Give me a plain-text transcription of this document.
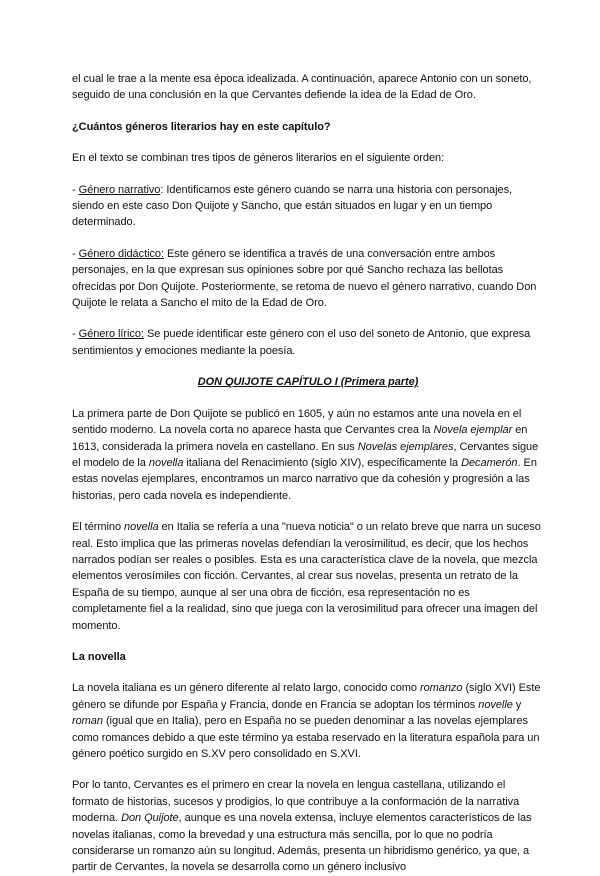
el cual le trae a la mente esa época idealizada. A continuación, aparece Antonio con un soneto, seguido de una conclusión en la que Cervantes defiende la idea de la Edad de Oro.

¿Cuántos géneros literarios hay en este capítulo?

En el texto se combinan tres tipos de géneros literarios en el siguiente orden:

- Género narrativo: Identificamos este género cuando se narra una historia con personajes, siendo en este caso Don Quijote y Sancho, que están situados en lugar y en un tiempo determinado.

- Género didáctico: Este género se identifica a través de una conversación entre ambos personajes, en la que expresan sus opiniones sobre por qué Sancho rechaza las bellotas ofrecidas por Don Quijote. Posteriormente, se retoma de nuevo el género narrativo, cuando Don Quijote le relata a Sancho el mito de la Edad de Oro.

- Género lírico: Se puede identificar este género con el uso del soneto de Antonio, que expresa sentimientos y emociones mediante la poesía.

DON QUIJOTE CAPÍTULO I (Primera parte)

La primera parte de Don Quijote se publicó en 1605, y aún no estamos ante una novela en el sentido moderno. La novela corta no aparece hasta que Cervantes crea la Novela ejemplar en 1613, considerada la primera novela en castellano. En sus Novelas ejemplares, Cervantes sigue el modelo de la novella italiana del Renacimiento (siglo XIV), específicamente la Decamerón. En estas novelas ejemplares, encontramos un marco narrativo que da cohesión y progresión a las historias, pero cada novela es independiente.

El término novella en Italia se refería a una "nueva noticia" o un relato breve que narra un suceso real. Esto implica que las primeras novelas defendían la verosimilitud, es decir, que los hechos narrados podían ser reales o posibles. Esta es una característica clave de la novela, que mezcla elementos verosímiles con ficción. Cervantes, al crear sus novelas, presenta un retrato de la España de su tiempo, aunque al ser una obra de ficción, esa representación no es completamente fiel a la realidad, sino que juega con la verosimilitud para ofrecer una imagen del momento.

La novella

La novela italiana es un género diferente al relato largo, conocido como romanzo (siglo XVI) Este género se difunde por España y Francia, donde en Francia se adoptan los términos novelle y roman (igual que en Italia), pero en España no se pueden denominar a las novelas ejemplares como romances debido a que este término ya estaba reservado en la literatura española para un género poético surgido en S.XV pero consolidado en S.XVI.

Por lo tanto, Cervantes es el primero en crear la novela en lengua castellana, utilizando el formato de historias, sucesos y prodigios, lo que contribuye a la conformación de la narrativa moderna. Don Quijote, aunque es una novela extensa, incluye elementos característicos de las novelas italianas, como la brevedad y una estructura más sencilla, por lo que no podría considerarse un romanzo aún su longitud. Además, presenta un hibridismo genérico, ya que, a partir de Cervantes, la novela se desarrolla como un género inclusivo
